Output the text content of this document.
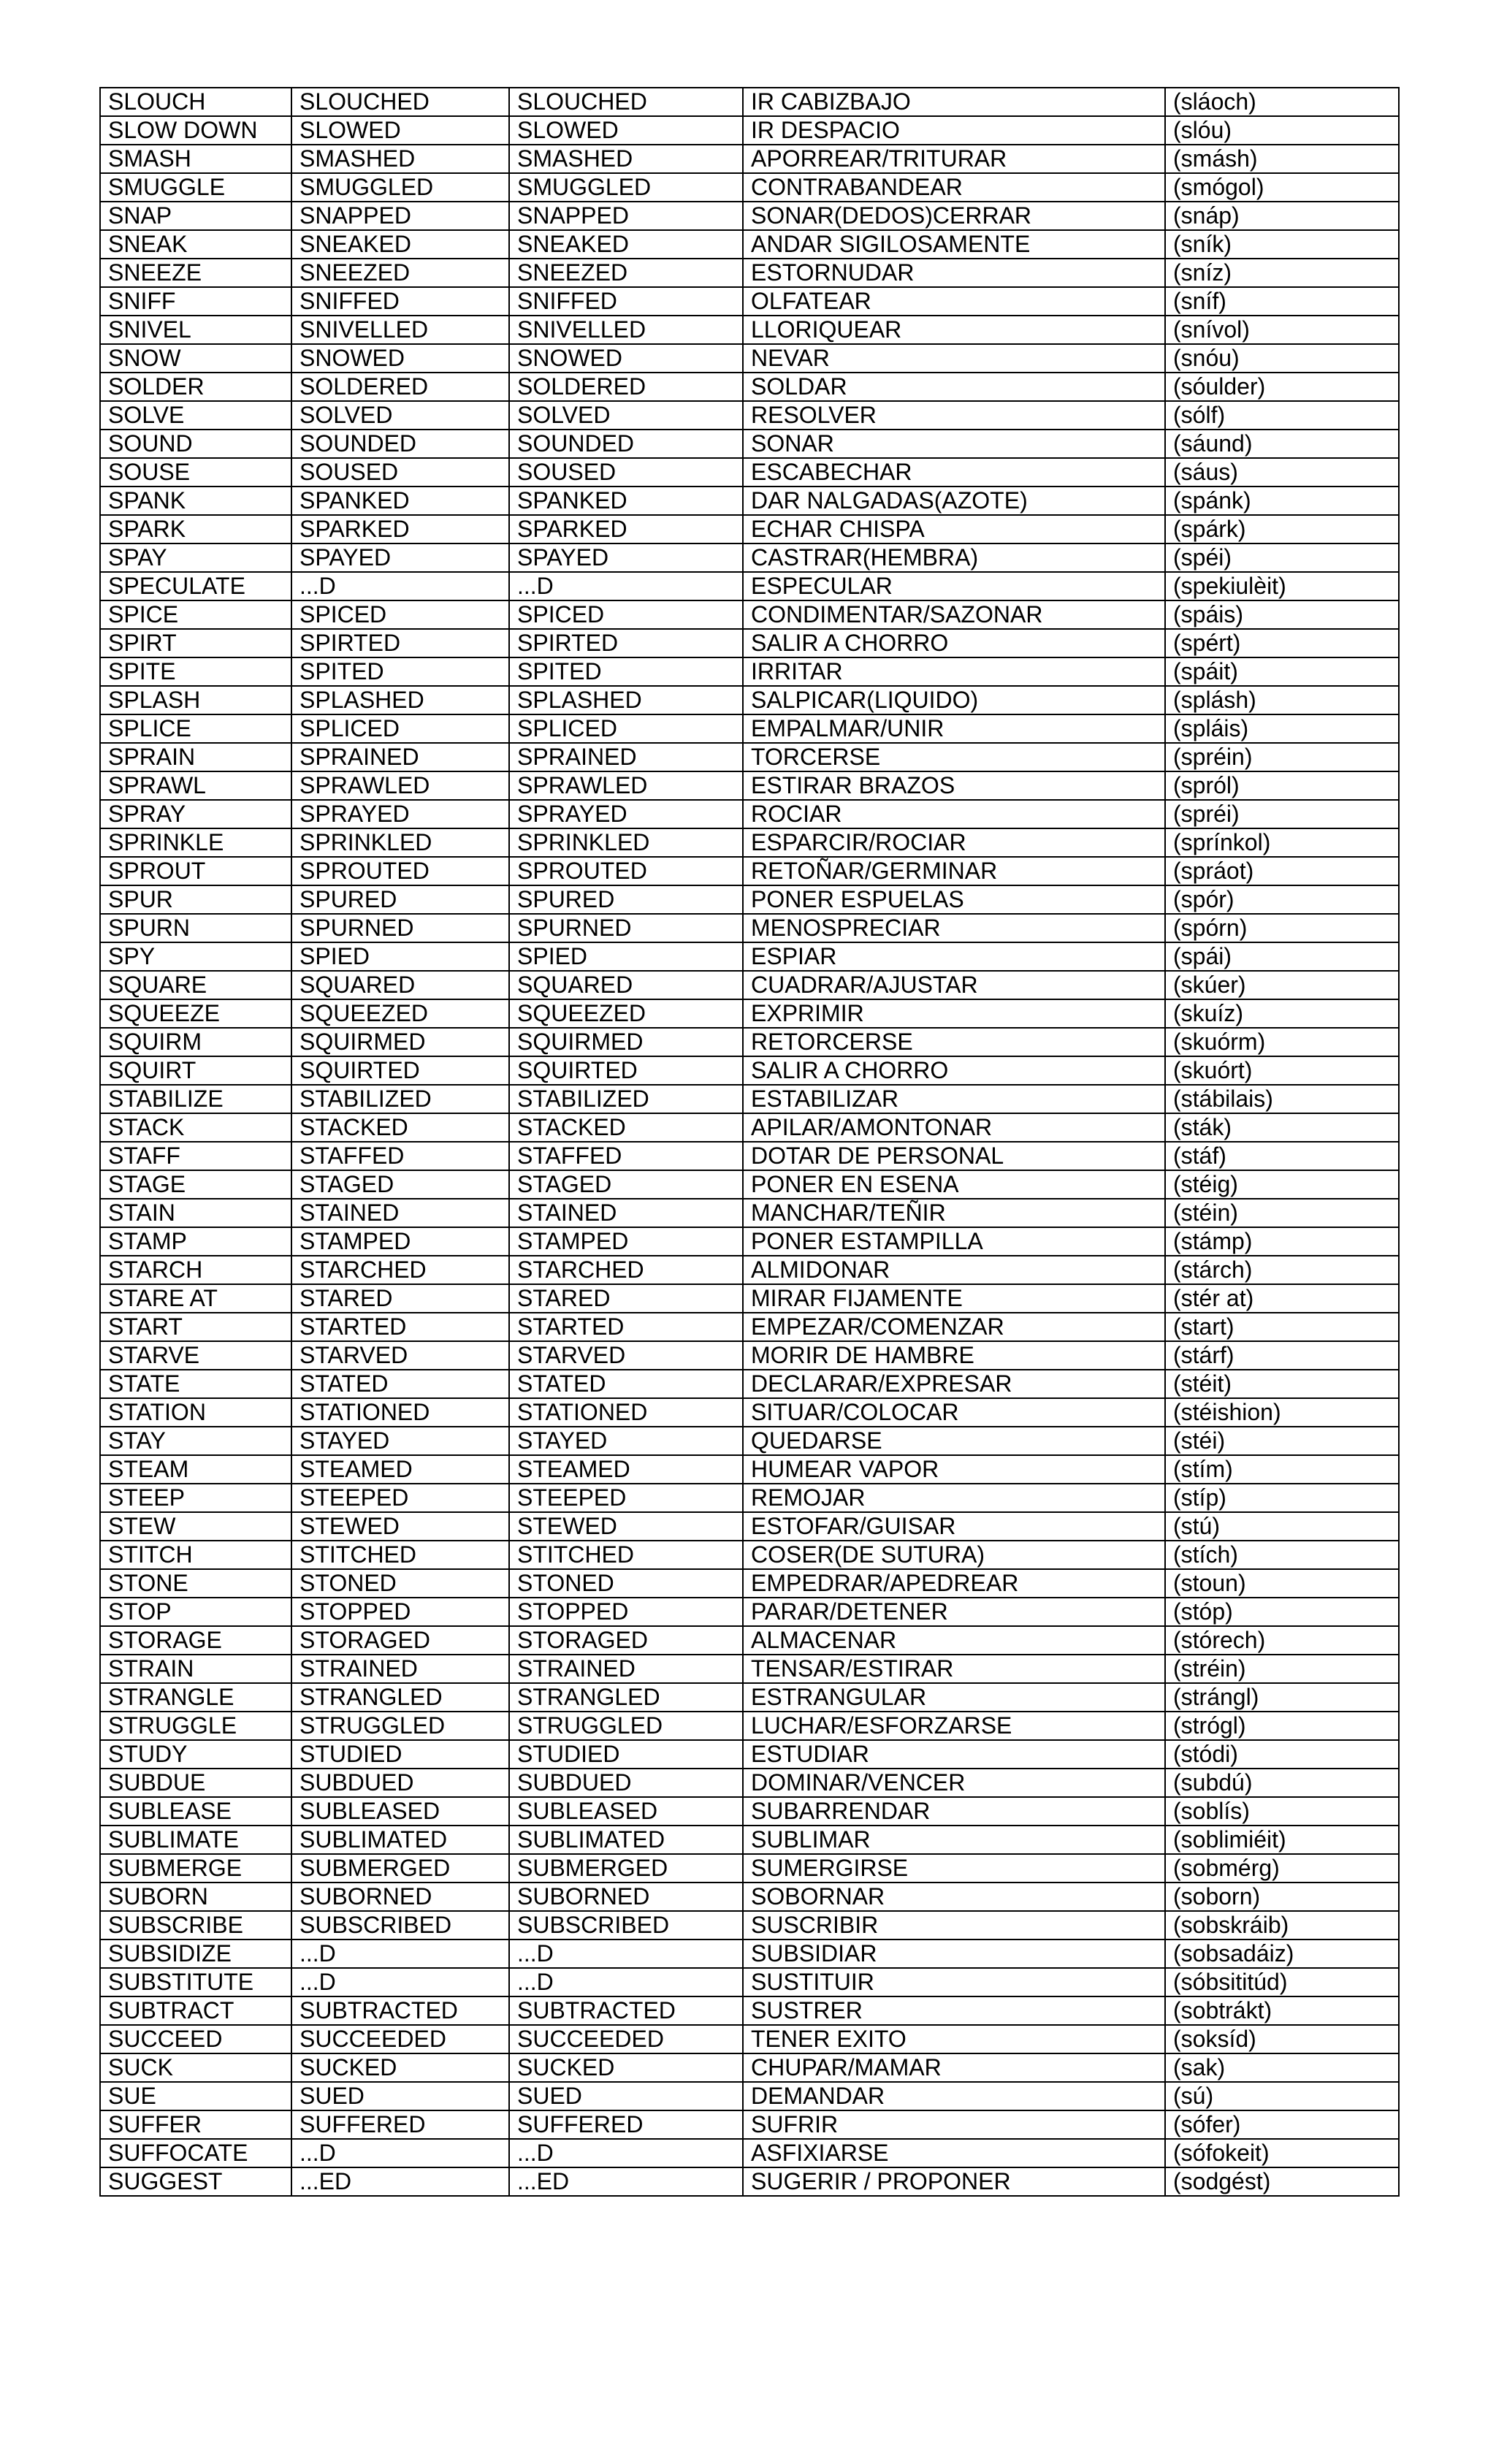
SLOUCH	SLOUCHED	SLOUCHED	IR CABIZBAJO	(sláoch)
SLOW DOWN	SLOWED	SLOWED	IR DESPACIO	(slóu)
SMASH	SMASHED	SMASHED	APORREAR/TRITURAR	(smásh)
SMUGGLE	SMUGGLED	SMUGGLED	CONTRABANDEAR	(smógol)
SNAP	SNAPPED	SNAPPED	SONAR(DEDOS)CERRAR	(snáp)
SNEAK	SNEAKED	SNEAKED	ANDAR SIGILOSAMENTE	(sník)
SNEEZE	SNEEZED	SNEEZED	ESTORNUDAR	(sníz)
SNIFF	SNIFFED	SNIFFED	OLFATEAR	(sníf)
SNIVEL	SNIVELLED	SNIVELLED	LLORIQUEAR	(snívol)
SNOW	SNOWED	SNOWED	NEVAR	(snóu)
SOLDER	SOLDERED	SOLDERED	SOLDAR	(sóulder)
SOLVE	SOLVED	SOLVED	RESOLVER	(sólf)
SOUND	SOUNDED	SOUNDED	SONAR	(sáund)
SOUSE	SOUSED	SOUSED	ESCABECHAR	(sáus)
SPANK	SPANKED	SPANKED	DAR NALGADAS(AZOTE)	(spánk)
SPARK	SPARKED	SPARKED	ECHAR CHISPA	(spárk)
SPAY	SPAYED	SPAYED	CASTRAR(HEMBRA)	(spéi)
SPECULATE	...D	...D	ESPECULAR	(spekiulèit)
SPICE	SPICED	SPICED	CONDIMENTAR/SAZONAR	(spáis)
SPIRT	SPIRTED	SPIRTED	SALIR A CHORRO	(spért)
SPITE	SPITED	SPITED	IRRITAR	(spáit)
SPLASH	SPLASHED	SPLASHED	SALPICAR(LIQUIDO)	(splásh)
SPLICE	SPLICED	SPLICED	EMPALMAR/UNIR	(spláis)
SPRAIN	SPRAINED	SPRAINED	TORCERSE	(spréin)
SPRAWL	SPRAWLED	SPRAWLED	ESTIRAR BRAZOS	(spról)
SPRAY	SPRAYED	SPRAYED	ROCIAR	(spréi)
SPRINKLE	SPRINKLED	SPRINKLED	ESPARCIR/ROCIAR	(sprínkol)
SPROUT	SPROUTED	SPROUTED	RETOÑAR/GERMINAR	(spráot)
SPUR	SPURED	SPURED	PONER ESPUELAS	(spór)
SPURN	SPURNED	SPURNED	MENOSPRECIAR	(spórn)
SPY	SPIED	SPIED	ESPIAR	(spái)
SQUARE	SQUARED	SQUARED	CUADRAR/AJUSTAR	(skúer)
SQUEEZE	SQUEEZED	SQUEEZED	EXPRIMIR	(skuíz)
SQUIRM	SQUIRMED	SQUIRMED	RETORCERSE	(skuórm)
SQUIRT	SQUIRTED	SQUIRTED	SALIR A CHORRO	(skuórt)
STABILIZE	STABILIZED	STABILIZED	ESTABILIZAR	(stábilais)
STACK	STACKED	STACKED	APILAR/AMONTONAR	(sták)
STAFF	STAFFED	STAFFED	DOTAR DE PERSONAL	(stáf)
STAGE	STAGED	STAGED	PONER EN ESENA	(stéig)
STAIN	STAINED	STAINED	MANCHAR/TEÑIR	(stéin)
STAMP	STAMPED	STAMPED	PONER ESTAMPILLA	(stámp)
STARCH	STARCHED	STARCHED	ALMIDONAR	(stárch)
STARE AT	STARED	STARED	MIRAR FIJAMENTE	(stér at)
START	STARTED	STARTED	EMPEZAR/COMENZAR	(start)
STARVE	STARVED	STARVED	MORIR DE HAMBRE	(stárf)
STATE	STATED	STATED	DECLARAR/EXPRESAR	(stéit)
STATION	STATIONED	STATIONED	SITUAR/COLOCAR	(stéishion)
STAY	STAYED	STAYED	QUEDARSE	(stéi)
STEAM	STEAMED	STEAMED	HUMEAR VAPOR	(stím)
STEEP	STEEPED	STEEPED	REMOJAR	(stíp)
STEW	STEWED	STEWED	ESTOFAR/GUISAR	(stú)
STITCH	STITCHED	STITCHED	COSER(DE SUTURA)	(stích)
STONE	STONED	STONED	EMPEDRAR/APEDREAR	(stoun)
STOP	STOPPED	STOPPED	PARAR/DETENER	(stóp)
STORAGE	STORAGED	STORAGED	ALMACENAR	(stórech)
STRAIN	STRAINED	STRAINED	TENSAR/ESTIRAR	(stréin)
STRANGLE	STRANGLED	STRANGLED	ESTRANGULAR	(strángl)
STRUGGLE	STRUGGLED	STRUGGLED	LUCHAR/ESFORZARSE	(strógl)
STUDY	STUDIED	STUDIED	ESTUDIAR	(stódi)
SUBDUE	SUBDUED	SUBDUED	DOMINAR/VENCER	(subdú)
SUBLEASE	SUBLEASED	SUBLEASED	SUBARRENDAR	(soblís)
SUBLIMATE	SUBLIMATED	SUBLIMATED	SUBLIMAR	(soblimiéit)
SUBMERGE	SUBMERGED	SUBMERGED	SUMERGIRSE	(sobmérg)
SUBORN	SUBORNED	SUBORNED	SOBORNAR	(soborn)
SUBSCRIBE	SUBSCRIBED	SUBSCRIBED	SUSCRIBIR	(sobskráib)
SUBSIDIZE	...D	...D	SUBSIDIAR	(sobsadáiz)
SUBSTITUTE	...D	...D	SUSTITUIR	(sóbsititúd)
SUBTRACT	SUBTRACTED	SUBTRACTED	SUSTRER	(sobtrákt)
SUCCEED	SUCCEEDED	SUCCEEDED	TENER EXITO	(soksíd)
SUCK	SUCKED	SUCKED	CHUPAR/MAMAR	(sak)
SUE	SUED	SUED	DEMANDAR	(sú)
SUFFER	SUFFERED	SUFFERED	SUFRIR	(sófer)
SUFFOCATE	...D	...D	ASFIXIARSE	(sófokeit)
SUGGEST	...ED	...ED	SUGERIR / PROPONER	(sodgést)
